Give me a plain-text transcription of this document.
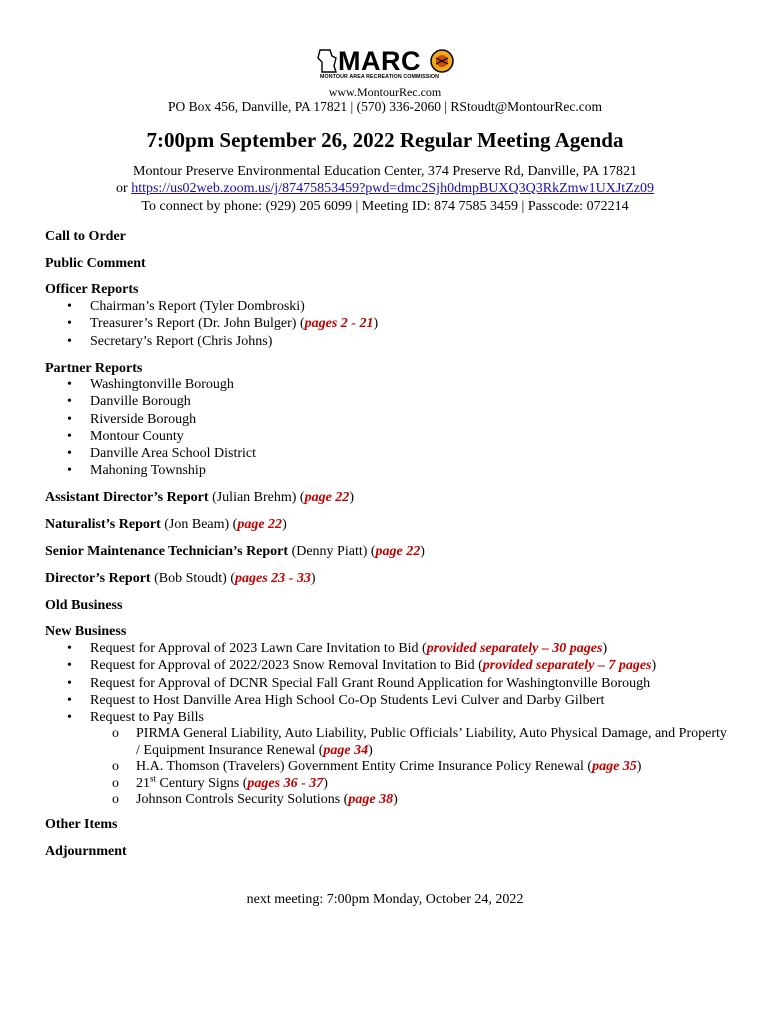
MARC
MONTOUR AREA RECREATION COMMISSION
www.MontourRec.com
PO Box 456, Danville, PA 17821 | (570) 336-2060 | RStoudt@MontourRec.com
7:00pm September 26, 2022 Regular Meeting Agenda
Montour Preserve Environmental Education Center, 374 Preserve Rd, Danville, PA 17821
or https://us02web.zoom.us/j/87475853459?pwd=dmc2Sjh0dmpBUXQ3Q3RkZmw1UXJtZz09
To connect by phone: (929) 205 6099 | Meeting ID: 874 7585 3459 | Passcode: 072214
Call to Order
Public Comment
Officer Reports
• Chairman’s Report (Tyler Dombroski)
• Treasurer’s Report (Dr. John Bulger) (pages 2 - 21)
• Secretary’s Report (Chris Johns)
Partner Reports
• Washingtonville Borough
• Danville Borough
• Riverside Borough
• Montour County
• Danville Area School District
• Mahoning Township
Assistant Director’s Report (Julian Brehm) (page 22)
Naturalist’s Report (Jon Beam) (page 22)
Senior Maintenance Technician’s Report (Denny Piatt) (page 22)
Director’s Report (Bob Stoudt) (pages 23 - 33)
Old Business
New Business
• Request for Approval of 2023 Lawn Care Invitation to Bid (provided separately – 30 pages)
• Request for Approval of 2022/2023 Snow Removal Invitation to Bid (provided separately – 7 pages)
• Request for Approval of DCNR Special Fall Grant Round Application for Washingtonville Borough
• Request to Host Danville Area High School Co-Op Students Levi Culver and Darby Gilbert
• Request to Pay Bills
o PIRMA General Liability, Auto Liability, Public Officials’ Liability, Auto Physical Damage, and Property / Equipment Insurance Renewal (page 34)
o H.A. Thomson (Travelers) Government Entity Crime Insurance Policy Renewal (page 35)
o 21st Century Signs (pages 36 - 37)
o Johnson Controls Security Solutions (page 38)
Other Items
Adjournment
next meeting: 7:00pm Monday, October 24, 2022
